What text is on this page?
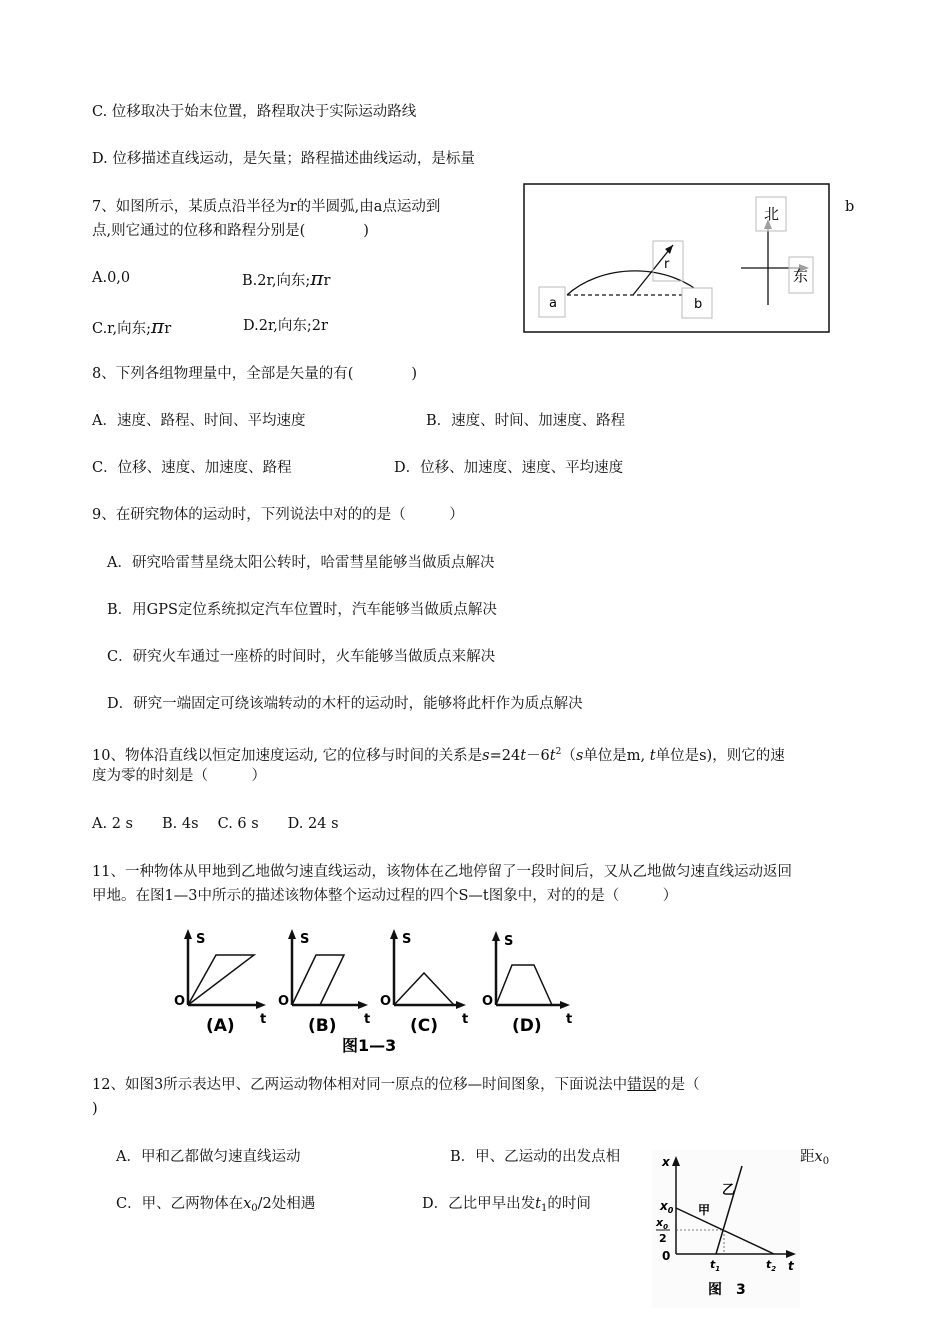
C. 位移取决于始末位置，路程取决于实际运动路线
D. 位移描述直线运动，是矢量；路程描述曲线运动，是标量
7、如图所示，某质点沿半径为r的半圆弧,由a点运动到	b
点,则它通过的位移和路程分别是(　　　　)
A.0,0	B.2r,向东;πr
C.r,向东;πr	D.2r,向东;2r
a	b
r
北
东
8、下列各组物理量中，全部是矢量的有(　　　　)
A．速度、路程、时间、平均速度	B．速度、时间、加速度、路程
C．位移、速度、加速度、路程	D．位移、加速度、速度、平均速度
9、在研究物体的运动时，下列说法中对的的是（　　　）
A．研究哈雷彗星绕太阳公转时，哈雷彗星能够当做质点解决
B．用GPS定位系统拟定汽车位置时，汽车能够当做质点解决
C．研究火车通过一座桥的时间时，火车能够当做质点来解决
D．研究一端固定可绕该端转动的木杆的运动时，能够将此杆作为质点解决
10、物体沿直线以恒定加速度运动, 它的位移与时间的关系是$s=24t-6t^2(s$单位是m, t单位是s)，则它的速
度为零的时刻是（　　　）
A. 2 s　　B. 4s　 C. 6 s　　D. 24 s
11、一种物体从甲地到乙地做匀速直线运动，该物体在乙地停留了一段时间后，又从乙地做匀速直线运动返回
甲地。在图1—3中所示的描述该物体整个运动过程的四个S—t图象中，对的的是（　　　）
S
O
t
(A)
S
O
t
(B)
S
O
t
(C)
S
O
t
(D)
图1—3
12、如图3所示表达甲、乙两运动物体相对同一原点的位移—时间图象，下面说法中错误的是（
)
A．甲和乙都做匀速直线运动	B．甲、乙运动的出发点相	距$x_0$
C．甲、乙两物体在$x_0/2$处相遇	D．乙比甲早出发$t_1$的时间
x
t
$x_0$
$x_0$
2
0
甲
乙
$t_1$	$t_2$
图　3
